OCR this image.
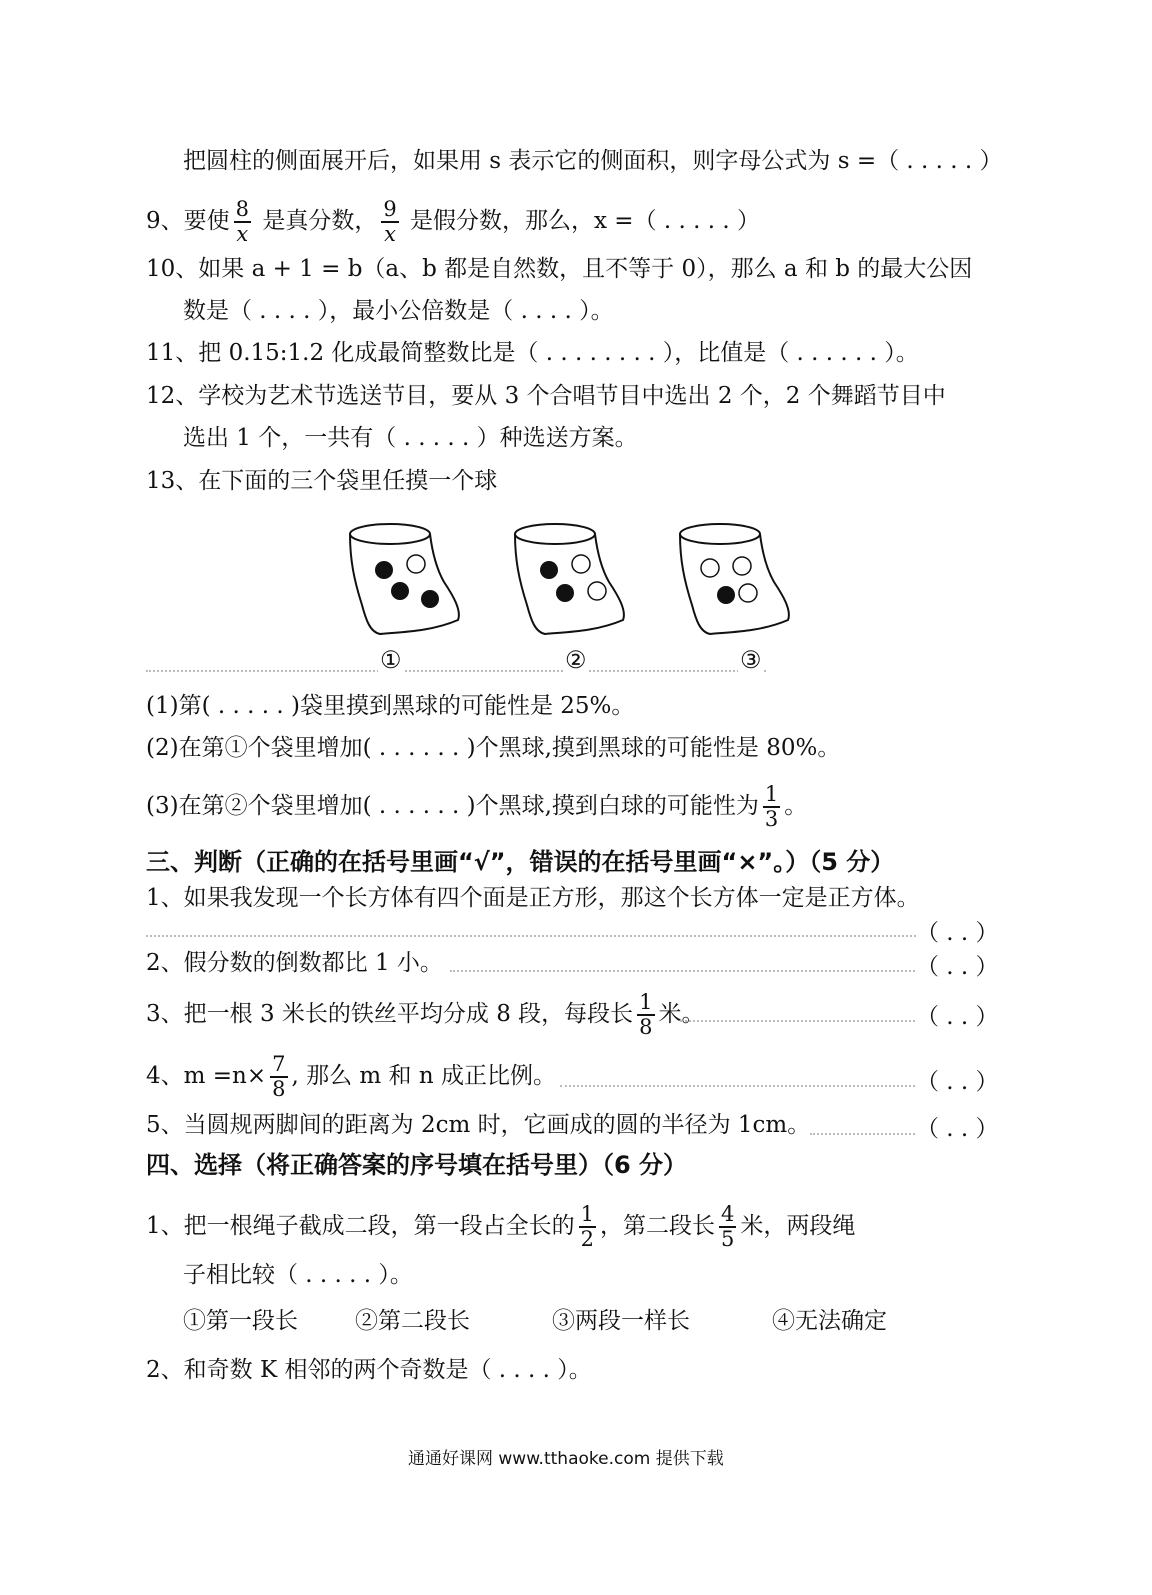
把圆柱的侧面展开后，如果用 s 表示它的侧面积，则字母公式为 s =（ . . . . . ）
9、要使 $\frac{8}{x}$ 是真分数， $\frac{9}{x}$ 是假分数，那么，x =（ . . . . . ）
10、如果 a + 1 = b（a、b 都是自然数，且不等于 0），那么 a 和 b 的最大公因
数是（ . . . . ），最小公倍数是（ . . . . ）。
11、把 0.15:1.2 化成最简整数比是（ . . . . . . . . ），比值是（ . . . . . . ）。
12、学校为艺术节选送节目，要从 3 个合唱节目中选出 2 个，2 个舞蹈节目中
选出 1 个，一共有（ . . . . . ）种选送方案。
13、在下面的三个袋里任摸一个球
①	②	③
(1)第( . . . . . )袋里摸到黑球的可能性是 25%。
(2)在第①个袋里增加( . . . . . . )个黑球,摸到黑球的可能性是 80%。
(3)在第②个袋里增加( . . . . . . )个黑球,摸到白球的可能性为 $\frac{1}{3}$ 。
三、判断（正确的在括号里画“√”，错误的在括号里画“×”。）（5 分）
1、如果我发现一个长方体有四个面是正方形，那这个长方体一定是正方体。
（ . . ）
2、假分数的倒数都比 1 小。	（ . . ）
3、把一根 3 米长的铁丝平均分成 8 段，每段长 $\frac{1}{8}$ 米。	（ . . ）
4、$m =n\times \frac{7}{8}$ , 那么 m 和 n 成正比例。	（ . . ）
5、当圆规两脚间的距离为 2cm 时，它画成的圆的半径为 1cm。	（ . . ）
四、选择（将正确答案的序号填在括号里）（6 分）
1、把一根绳子截成二段，第一段占全长的 $\frac{1}{2}$ ，第二段长 $\frac{4}{5}$ 米，两段绳
子相比较（ . . . . . ）。
①第一段长 ②第二段长	③两段一样长	④无法确定
2、和奇数 K 相邻的两个奇数是（ . . . . ）。
通通好课网 www.tthaoke.com 提供下载
